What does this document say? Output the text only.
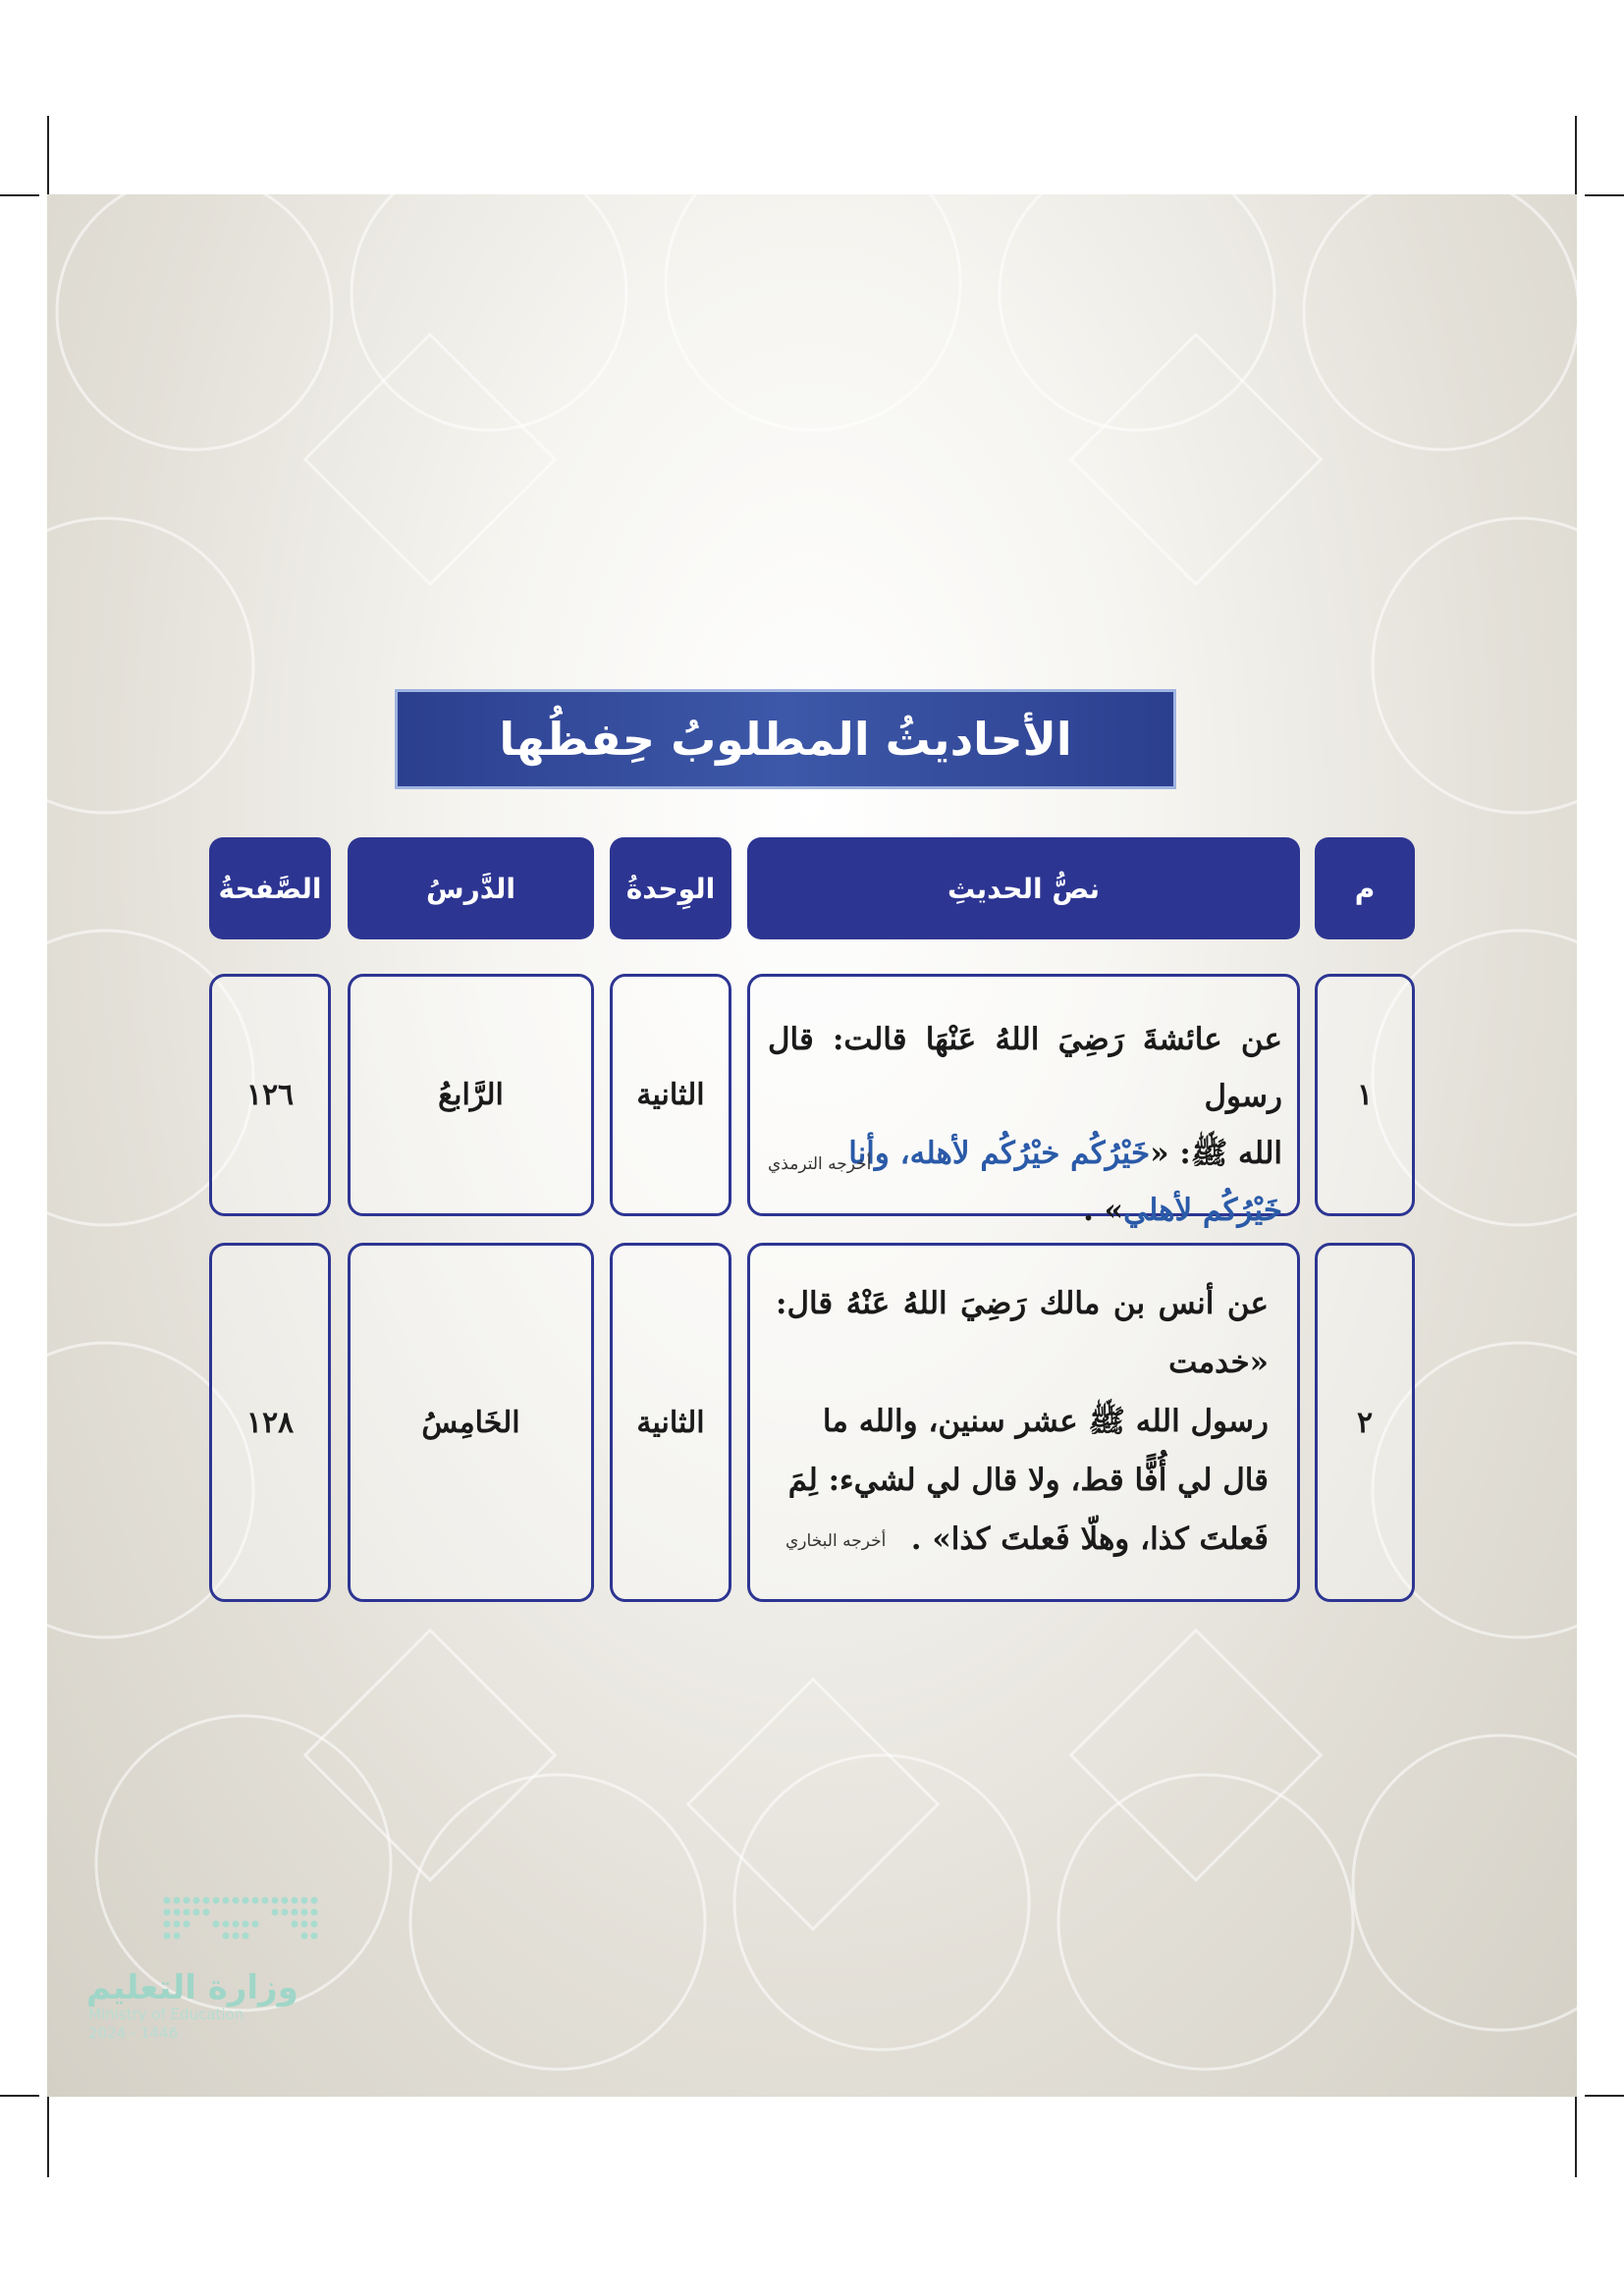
الأحاديثُ المطلوبُ حِفظُها
م
نصُّ الحديثِ
الوِحدةُ
الدَّرسُ
الصَّفحةُ
١
عن عائشةَ رَضِيَ اللهُ عَنْهَا قالت: قال رسول
الله ﷺ: «خَيْرُكُم خيْرُكُم لأهله، وأنا
خَيْرُكُم لأهلي» .
أخرجه الترمذي
الثانية
الرَّابعُ
١٢٦
٢
عن أنس بن مالك رَضِيَ اللهُ عَنْهُ قال: «خدمت
رسول الله ﷺ عشر سنين، والله ما
قال لي أُفًّا قط، ولا قال لي لشيء: لِمَ
فَعلتَ كذا، وهلّا فَعلتَ كذا» .
أخرجه البخاري
الثانية
الخَامِسُ
١٢٨
وزارة التعليم
Ministry of Education
2024 - 1446
